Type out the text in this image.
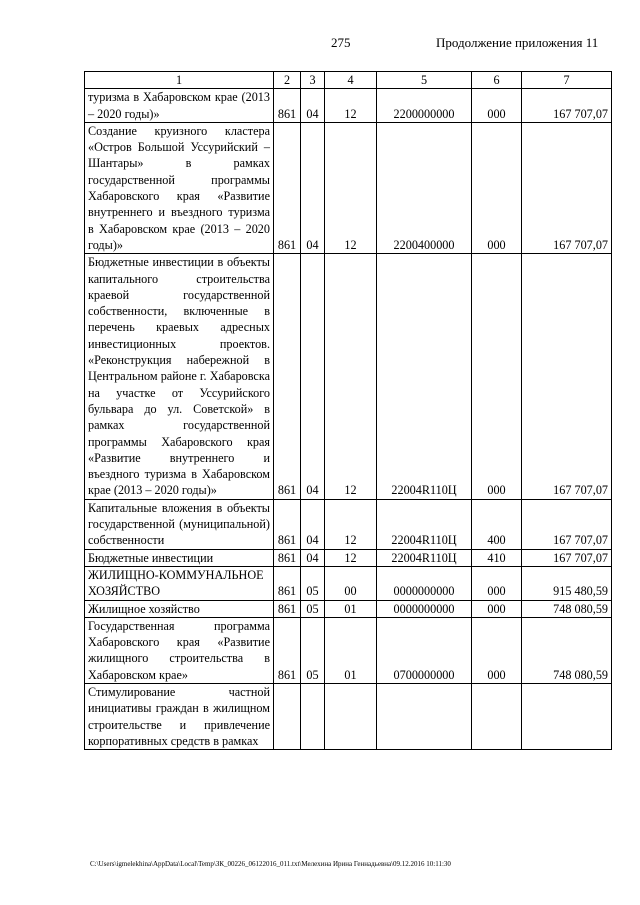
275	Продолжение приложения 11
1	2	3	4	5	6	7
туризма в Хабаровском крае (2013 – 2020 годы)»	861	04	12	2200000000	000	167 707,07
Создание круизного кластера «Остров Большой Уссурийский – Шантары» в рамках государственной программы Хабаровского края «Развитие внутреннего и въездного туризма в Хабаровском крае (2013 – 2020 годы)»	861	04	12	2200400000	000	167 707,07
Бюджетные инвестиции в объекты капитального строительства краевой государственной собственности, включенные в перечень краевых адресных инвестиционных проектов. «Реконструкция набережной в Центральном районе г. Хабаровска на участке от Уссурийского бульвара до ул. Советской» в рамках государственной программы Хабаровского края «Развитие внутреннего и въездного туризма в Хабаровском крае (2013 – 2020 годы)»	861	04	12	22004R110Ц	000	167 707,07
Капитальные вложения в объекты государственной (муниципальной) собственности	861	04	12	22004R110Ц	400	167 707,07
Бюджетные инвестиции	861	04	12	22004R110Ц	410	167 707,07
ЖИЛИЩНО-КОММУНАЛЬНОЕ ХОЗЯЙСТВО	861	05	00	0000000000	000	915 480,59
Жилищное хозяйство	861	05	01	0000000000	000	748 080,59
Государственная программа Хабаровского края «Развитие жилищного строительства в Хабаровском крае»	861	05	01	0700000000	000	748 080,59
Стимулирование частной инициативы граждан в жилищном строительстве и привлечение корпоративных средств в рамках						
C:\Users\igmelekhina\AppData\Local\Temp\ЗК_00226_06122016_011.txt\Мелехина Ирина Геннадьевна\09.12.2016 10:11:30
